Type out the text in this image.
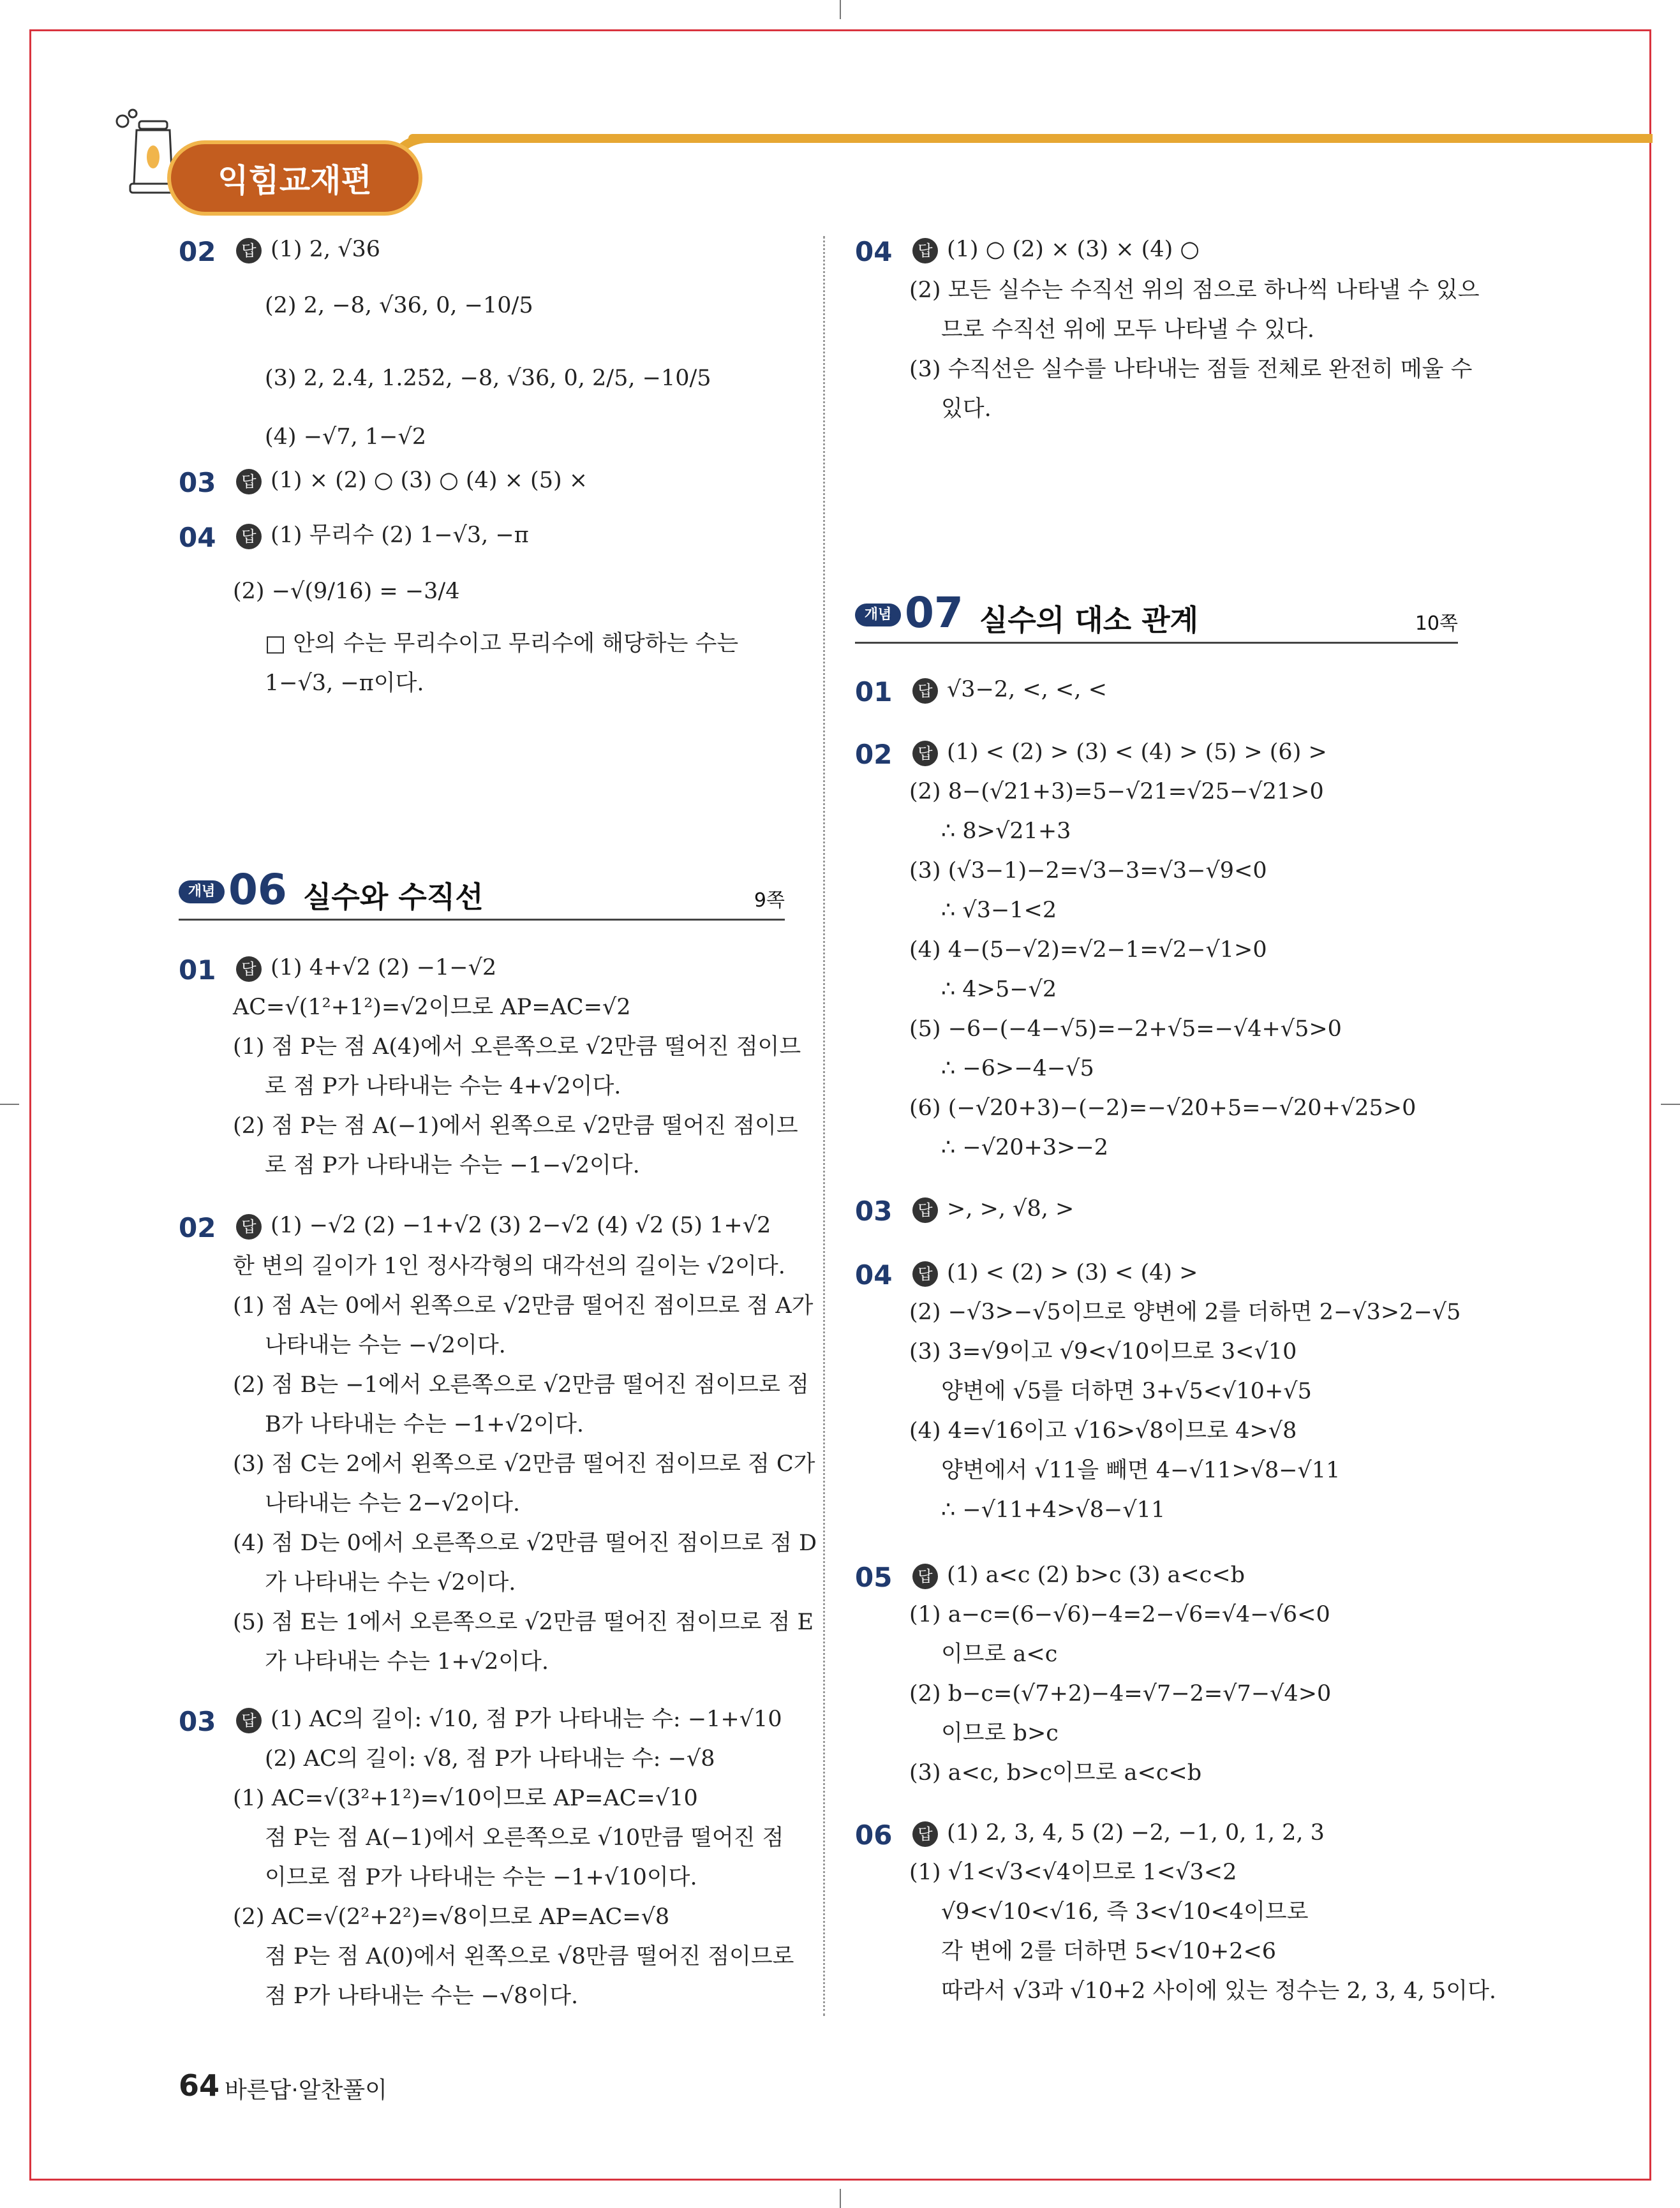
익힘교재편
02	답 (1) 2, √36
(2) 2, −8, √36, 0, −10/5
(3) 2, 2.4, 1.2̇5̇2̇, −8, √36, 0, 2/5, −10/5
(4) −√7, 1−√2
03	답 (1) × (2) ○ (3) ○ (4) × (5) ×
04	답 (1) 무리수 (2) 1−√3, −π
(2) −√(9/16) = −3/4
□ 안의 수는 무리수이고 무리수에 해당하는 수는
1−√3, −π이다.
개념 06 실수와 수직선	9쪽
01	답 (1) 4+√2 (2) −1−√2
AC=√(1²+1²)=√2이므로 AP=AC=√2
(1) 점 P는 점 A(4)에서 오른쪽으로 √2만큼 떨어진 점이므
로 점 P가 나타내는 수는 4+√2이다.
(2) 점 P는 점 A(−1)에서 왼쪽으로 √2만큼 떨어진 점이므
로 점 P가 나타내는 수는 −1−√2이다.
02	답 (1) −√2 (2) −1+√2 (3) 2−√2 (4) √2 (5) 1+√2
한 변의 길이가 1인 정사각형의 대각선의 길이는 √2이다.
(1) 점 A는 0에서 왼쪽으로 √2만큼 떨어진 점이므로 점 A가
나타내는 수는 −√2이다.
(2) 점 B는 −1에서 오른쪽으로 √2만큼 떨어진 점이므로 점
B가 나타내는 수는 −1+√2이다.
(3) 점 C는 2에서 왼쪽으로 √2만큼 떨어진 점이므로 점 C가
나타내는 수는 2−√2이다.
(4) 점 D는 0에서 오른쪽으로 √2만큼 떨어진 점이므로 점 D
가 나타내는 수는 √2이다.
(5) 점 E는 1에서 오른쪽으로 √2만큼 떨어진 점이므로 점 E
가 나타내는 수는 1+√2이다.
03	답 (1) AC의 길이: √10, 점 P가 나타내는 수: −1+√10
(2) AC의 길이: √8, 점 P가 나타내는 수: −√8
(1) AC=√(3²+1²)=√10이므로 AP=AC=√10
점 P는 점 A(−1)에서 오른쪽으로 √10만큼 떨어진 점
이므로 점 P가 나타내는 수는 −1+√10이다.
(2) AC=√(2²+2²)=√8이므로 AP=AC=√8
점 P는 점 A(0)에서 왼쪽으로 √8만큼 떨어진 점이므로
점 P가 나타내는 수는 −√8이다.
04	답 (1) ○ (2) × (3) × (4) ○
(2) 모든 실수는 수직선 위의 점으로 하나씩 나타낼 수 있으
므로 수직선 위에 모두 나타낼 수 있다.
(3) 수직선은 실수를 나타내는 점들 전체로 완전히 메울 수
있다.
개념 07 실수의 대소 관계	10쪽
01	답 √3−2, <, <, <
02	답 (1) < (2) > (3) < (4) > (5) > (6) >
(2) 8−(√21+3)=5−√21=√25−√21>0
∴ 8>√21+3
(3) (√3−1)−2=√3−3=√3−√9<0
∴ √3−1<2
(4) 4−(5−√2)=√2−1=√2−√1>0
∴ 4>5−√2
(5) −6−(−4−√5)=−2+√5=−√4+√5>0
∴ −6>−4−√5
(6) (−√20+3)−(−2)=−√20+5=−√20+√25>0
∴ −√20+3>−2
03	답 >, >, √8, >
04	답 (1) < (2) > (3) < (4) >
(2) −√3>−√5이므로 양변에 2를 더하면 2−√3>2−√5
(3) 3=√9이고 √9<√10이므로 3<√10
양변에 √5를 더하면 3+√5<√10+√5
(4) 4=√16이고 √16>√8이므로 4>√8
양변에서 √11을 빼면 4−√11>√8−√11
∴ −√11+4>√8−√11
05	답 (1) a<c (2) b>c (3) a<c<b
(1) a−c=(6−√6)−4=2−√6=√4−√6<0
이므로 a<c
(2) b−c=(√7+2)−4=√7−2=√7−√4>0
이므로 b>c
(3) a<c, b>c이므로 a<c<b
06	답 (1) 2, 3, 4, 5 (2) −2, −1, 0, 1, 2, 3
(1) √1<√3<√4이므로 1<√3<2
√9<√10<√16, 즉 3<√10<4이므로
각 변에 2를 더하면 5<√10+2<6
따라서 √3과 √10+2 사이에 있는 정수는 2, 3, 4, 5이다.
64 바른답·알찬풀이
